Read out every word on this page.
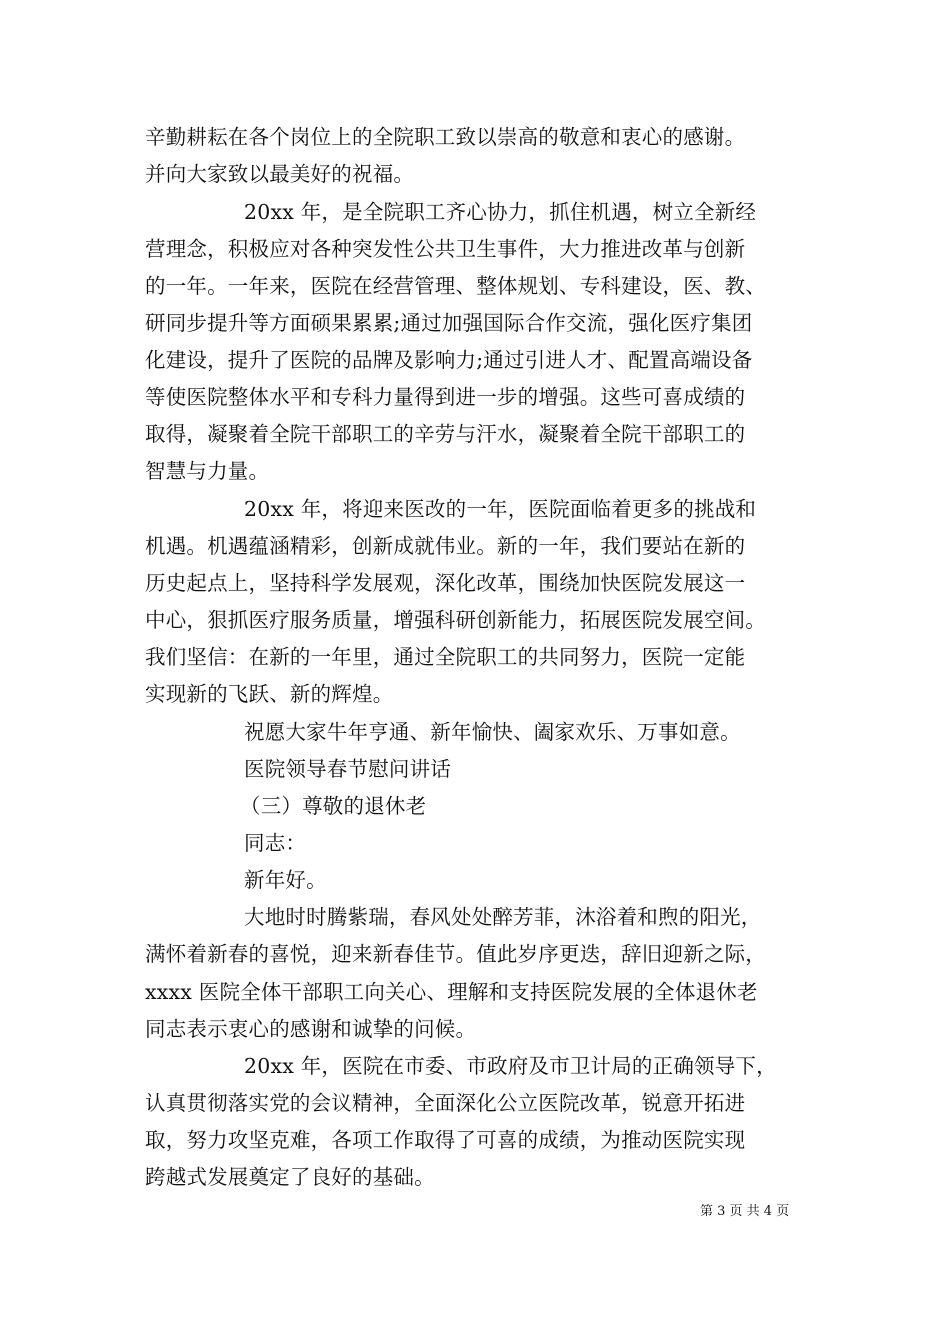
辛勤耕耘在各个岗位上的全院职工致以崇高的敬意和衷心的感谢。
并向大家致以最美好的祝福。
20xx 年，是全院职工齐心协力，抓住机遇，树立全新经
营理念，积极应对各种突发性公共卫生事件，大力推进改革与创新
的一年。一年来，医院在经营管理、整体规划、专科建设，医、教、
研同步提升等方面硕果累累;通过加强国际合作交流，强化医疗集团
化建设，提升了医院的品牌及影响力;通过引进人才、配置高端设备
等使医院整体水平和专科力量得到进一步的增强。这些可喜成绩的
取得，凝聚着全院干部职工的辛劳与汗水，凝聚着全院干部职工的
智慧与力量。
20xx 年，将迎来医改的一年，医院面临着更多的挑战和
机遇。机遇蕴涵精彩，创新成就伟业。新的一年，我们要站在新的
历史起点上，坚持科学发展观，深化改革，围绕加快医院发展这一
中心，狠抓医疗服务质量，增强科研创新能力，拓展医院发展空间。
我们坚信：在新的一年里，通过全院职工的共同努力，医院一定能
实现新的飞跃、新的辉煌。
祝愿大家牛年亨通、新年愉快、阖家欢乐、万事如意。
医院领导春节慰问讲话
（三）尊敬的退休老
同志：
新年好。
大地时时腾紫瑞，春风处处醉芳菲，沐浴着和煦的阳光，
满怀着新春的喜悦，迎来新春佳节。值此岁序更迭，辞旧迎新之际，
xxxx 医院全体干部职工向关心、理解和支持医院发展的全体退休老
同志表示衷心的感谢和诚挚的问候。
20xx 年，医院在市委、市政府及市卫计局的正确领导下，
认真贯彻落实党的会议精神，全面深化公立医院改革，锐意开拓进
取，努力攻坚克难，各项工作取得了可喜的成绩，为推动医院实现
跨越式发展奠定了良好的基础。
第 3 页 共 4 页
